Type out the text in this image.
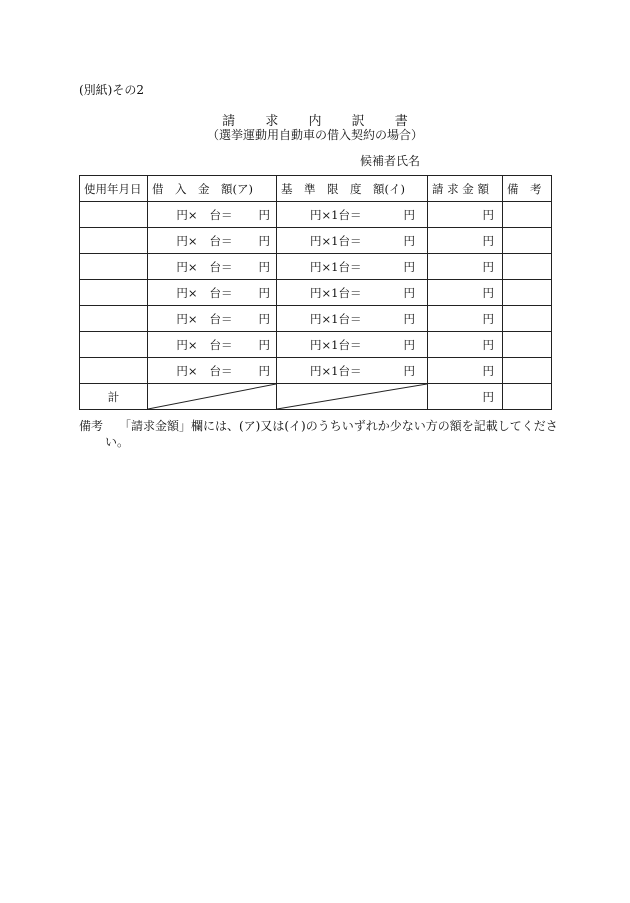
(別紙)その2
請 求 内 訳 書
（選挙運動用自動車の借入契約の場合）
候補者氏名
使用年月日	借　入　金　額(ア)	基　準　限　度　額(イ)	請 求 金 額	備　考

	円× 台＝ 円	円×1台＝ 円	円	

	円× 台＝ 円	円×1台＝ 円	円	

	円× 台＝ 円	円×1台＝ 円	円	

	円× 台＝ 円	円×1台＝ 円	円	

	円× 台＝ 円	円×1台＝ 円	円	

	円× 台＝ 円	円×1台＝ 円	円	

	円× 台＝ 円	円×1台＝ 円	円	
計			円	
備考 「請求金額」欄には、(ア)又は(イ)のうちいずれか少ない方の額を記載してくださ
い。
